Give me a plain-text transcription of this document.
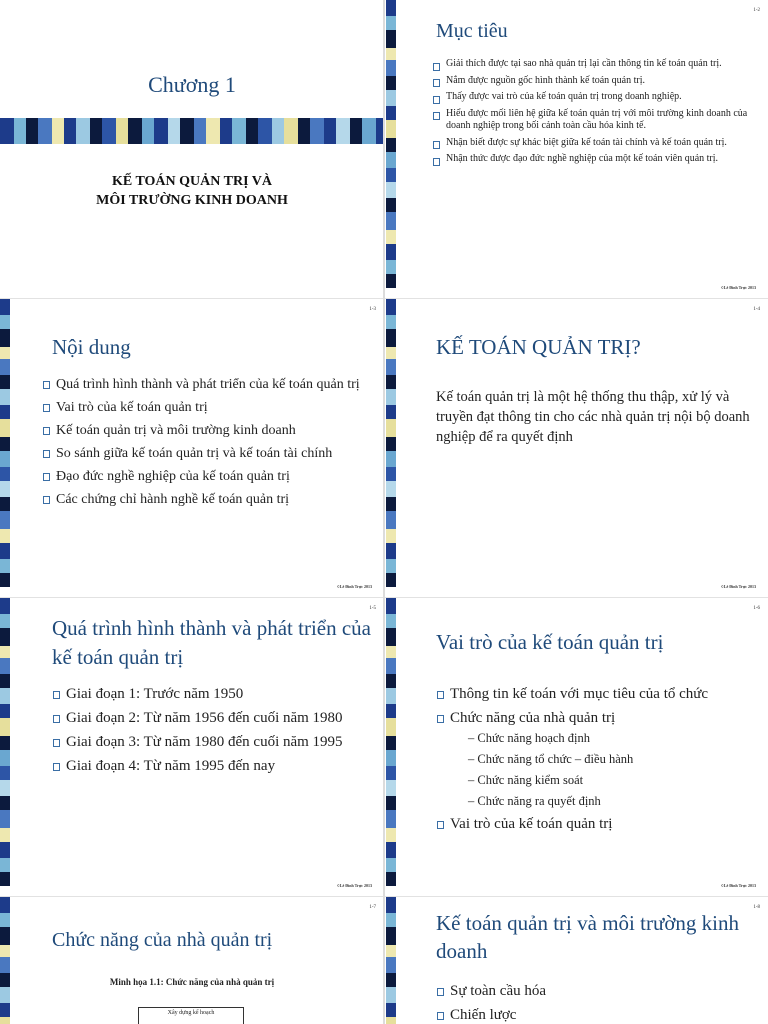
Chương 1
KẾ TOÁN QUẢN TRỊ VÀ
MÔI TRƯỜNG KINH DOANH
1-2
Mục tiêu
Giải thích được tại sao nhà quản trị lại cần thông tin kế toán quản trị.
Nắm được nguồn gốc hình thành kế toán quản trị.
Thấy được vai trò của kế toán quản trị trong doanh nghiệp.
Hiểu được mối liên hệ giữa kế toán quản trị với môi trường kinh doanh của doanh nghiệp trong bối cảnh toàn cầu hóa kinh tế.
Nhận biết được sự khác biệt giữa kế toán tài chính và kế toán quản trị.
Nhận thức được đạo đức nghề nghiệp của một kế toán viên quản trị.
©Lê Đình Trực 2013
1-3
Nội dung
Quá trình hình thành và phát triển của kế toán quản trị
Vai trò của kế toán quản trị
Kế toán quản trị và môi trường kinh doanh
So sánh giữa kế toán quản trị và kế toán tài chính
Đạo đức nghề nghiệp của kế toán quản trị
Các chứng chỉ hành nghề kế toán quản trị
©Lê Đình Trực 2013
1-4
KẾ TOÁN QUẢN TRỊ?
Kế toán quản trị là một hệ thống thu thập, xử lý và truyền đạt thông tin cho các nhà quản trị nội bộ doanh nghiệp để ra quyết định
©Lê Đình Trực 2013
1-5
Quá trình hình thành và phát triển của kế toán quản trị
Giai đoạn 1: Trước năm 1950
Giai đoạn 2: Từ năm 1956 đến cuối năm 1980
Giai đoạn 3: Từ năm 1980 đến cuối năm 1995
Giai đoạn 4: Từ năm 1995 đến nay
©Lê Đình Trực 2013
1-6
Vai trò của kế toán quản trị
Thông tin kế toán với mục tiêu của tổ chức
Chức năng của nhà quản trị
– Chức năng hoạch định
– Chức năng tổ chức – điều hành
– Chức năng kiểm soát
– Chức năng ra quyết định
Vai trò của kế toán quản trị
©Lê Đình Trực 2013
1-7
Chức năng của nhà quản trị
Minh họa 1.1: Chức năng của nhà quản trị
Xây dựng kế hoạch
1-8
Kế toán quản trị và môi trường kinh doanh
Sự toàn cầu hóa
Chiến lược
